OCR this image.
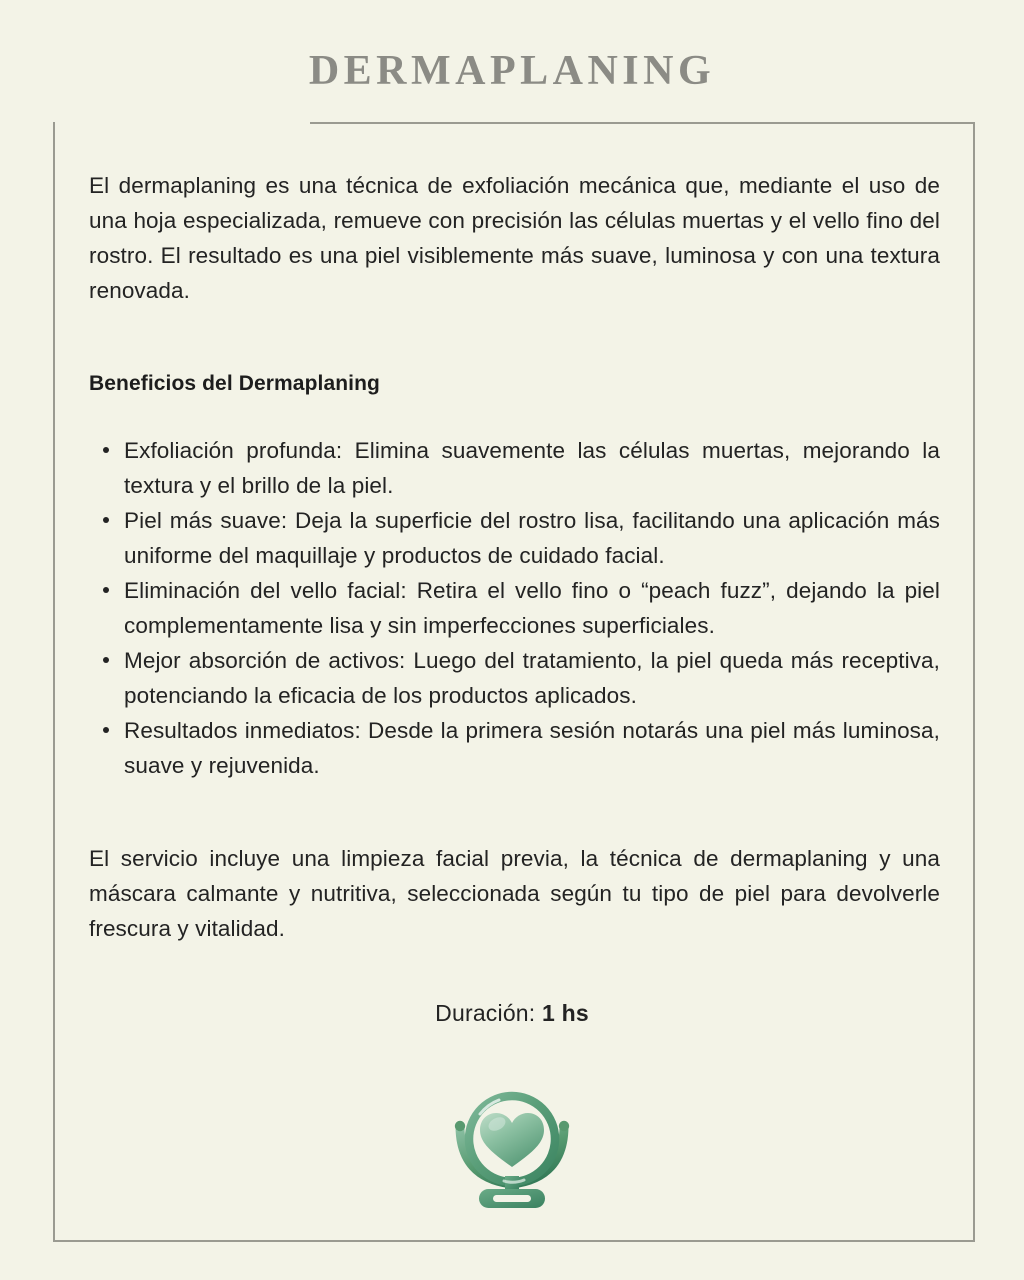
DERMAPLANING

El dermaplaning es una técnica de exfoliación mecánica que, mediante el uso de una hoja especializada, remueve con precisión las células muertas y el vello fino del rostro. El resultado es una piel visiblemente más suave, luminosa y con una textura renovada.

Beneficios del Dermaplaning
Exfoliación profunda: Elimina suavemente las células muertas, mejorando la textura y el brillo de la piel.
Piel más suave: Deja la superficie del rostro lisa, facilitando una aplicación más uniforme del maquillaje y productos de cuidado facial.
Eliminación del vello facial: Retira el vello fino o “peach fuzz”, dejando la piel complementamente lisa y sin imperfecciones superficiales.
Mejor absorción de activos: Luego del tratamiento, la piel queda más receptiva, potenciando la eficacia de los productos aplicados.
Resultados inmediatos: Desde la primera sesión notarás una piel más luminosa, suave y rejuvenida.

El servicio incluye una limpieza facial previa, la técnica de dermaplaning y una máscara calmante y nutritiva, seleccionada según tu tipo de piel para devolverle frescura y vitalidad.

Duración: 1 hs
